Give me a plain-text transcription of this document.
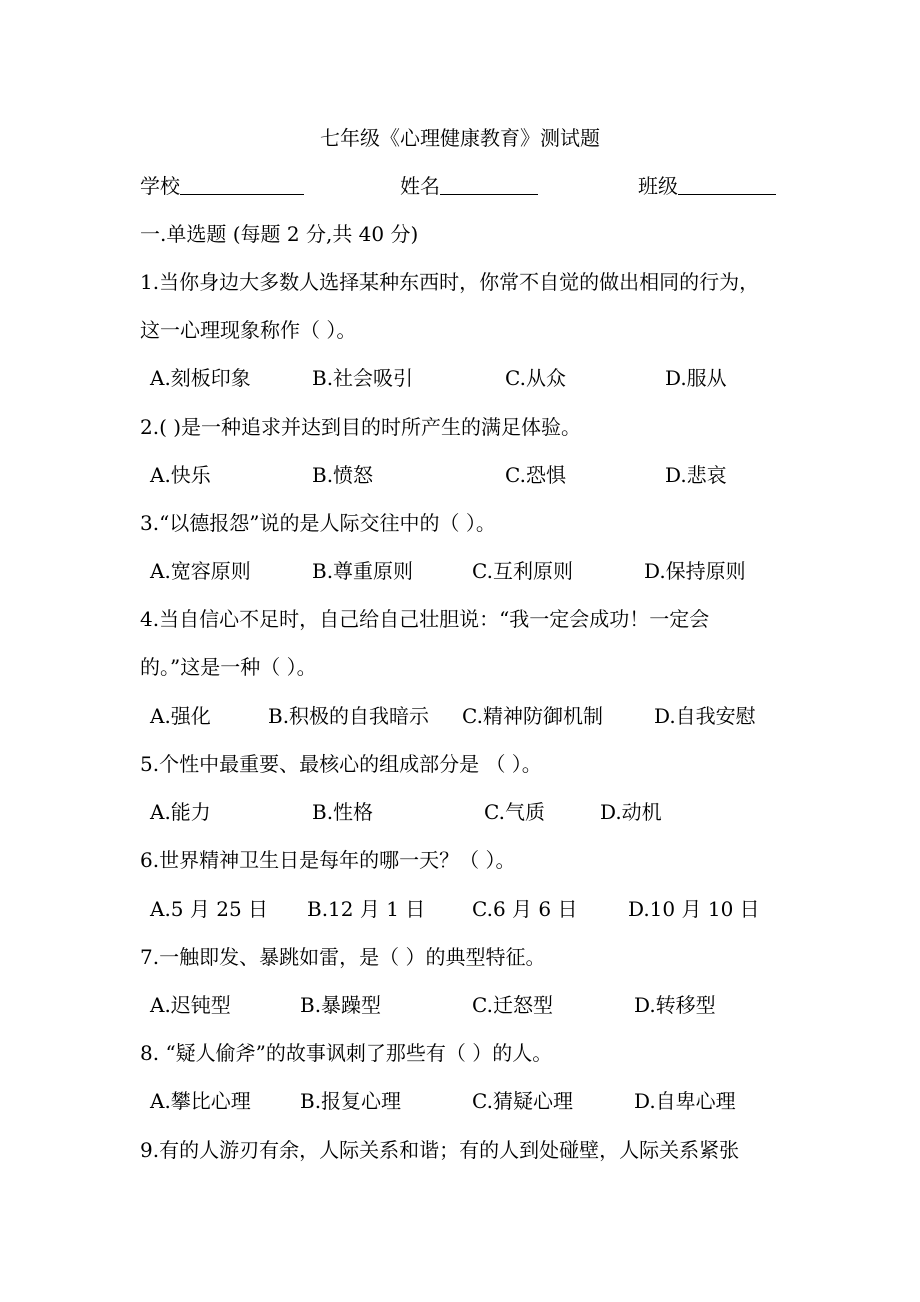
七年级《心理健康教育》测试题
学校	姓名	班级
一.单选题 (每题 2 分,共 40 分)
1.当你身边大多数人选择某种东西时，你常不自觉的做出相同的行为，
这一心理现象称作（ ）。
A.刻板印象	B.社会吸引	C.从众	D.服从
2.( )是一种追求并达到目的时所产生的满足体验。
A.快乐	B.愤怒	C.恐惧	D.悲哀
3.“以德报怨”说的是人际交往中的（ ）。
A.宽容原则	B.尊重原则	C.互利原则	D.保持原则
4.当自信心不足时，自己给自己壮胆说：“我一定会成功！一定会
的。”这是一种（ ）。
A.强化	B.积极的自我暗示 C.精神防御机制	D.自我安慰
5.个性中最重要、最核心的组成部分是 （ ）。
A.能力	B.性格	C.气质	D.动机
6.世界精神卫生日是每年的哪一天？（ ）。
A.5 月 25 日 B.12 月 1 日 C.6 月 6 日	D.10 月 10 日
7.一触即发、暴跳如雷，是（ ）的典型特征。
A.迟钝型	B.暴躁型	C.迁怒型	D.转移型
8. “疑人偷斧”的故事讽刺了那些有（ ）的人。
A.攀比心理 B.报复心理	C.猜疑心理	D.自卑心理
9.有的人游刃有余，人际关系和谐；有的人到处碰壁，人际关系紧张
